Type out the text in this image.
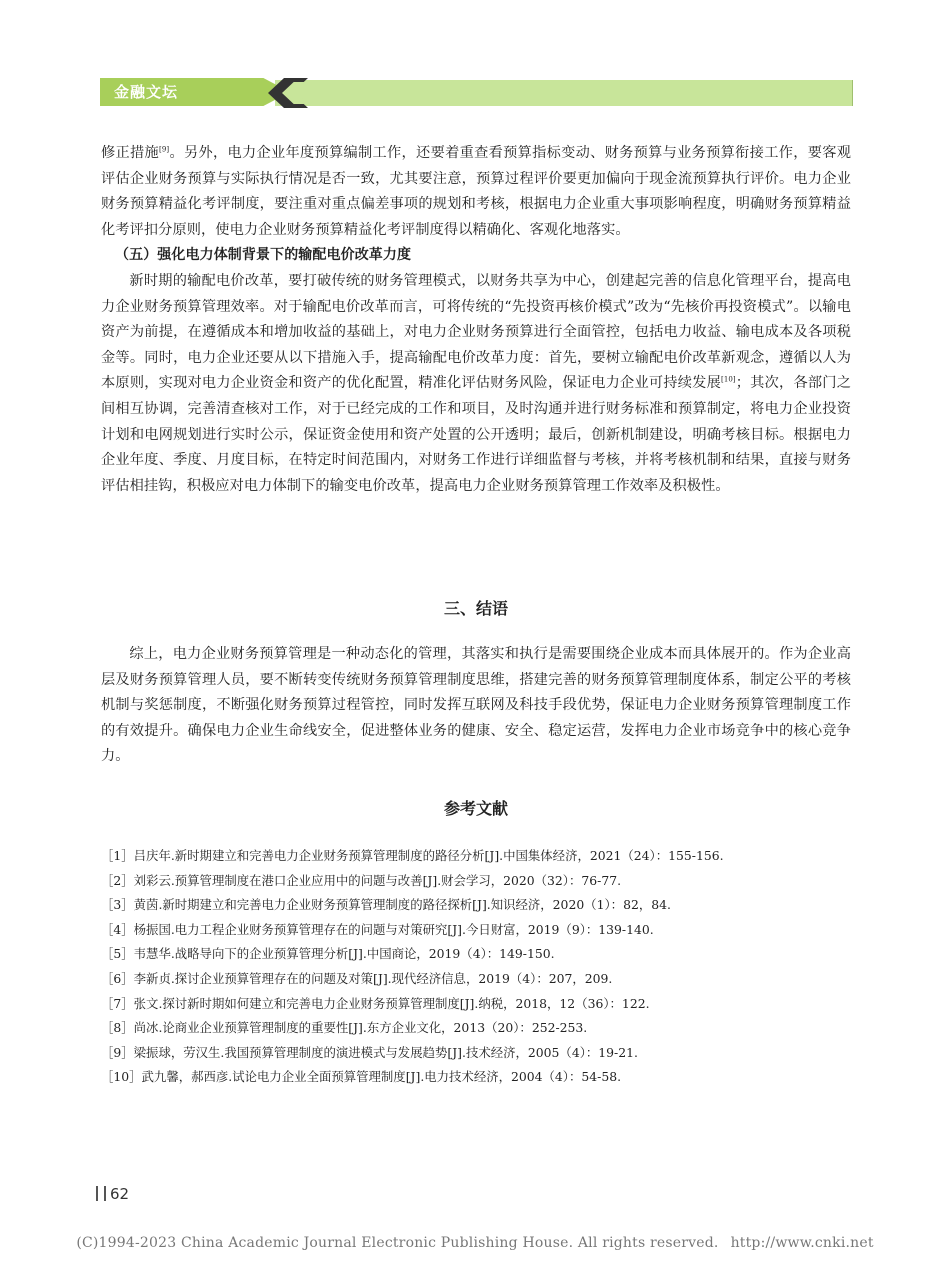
金融文坛

修正措施[9]。另外，电力企业年度预算编制工作，还要着重查看预算指标变动、财务预算与业务预算衔接工作，要客观评估企业财务预算与实际执行情况是否一致，尤其要注意，预算过程评价要更加偏向于现金流预算执行评价。电力企业财务预算精益化考评制度，要注重对重点偏差事项的规划和考核，根据电力企业重大事项影响程度，明确财务预算精益化考评扣分原则，使电力企业财务预算精益化考评制度得以精确化、客观化地落实。

（五）强化电力体制背景下的输配电价改革力度

新时期的输配电价改革，要打破传统的财务管理模式，以财务共享为中心，创建起完善的信息化管理平台，提高电力企业财务预算管理效率。对于输配电价改革而言，可将传统的“先投资再核价模式”改为“先核价再投资模式”。以输电资产为前提，在遵循成本和增加收益的基础上，对电力企业财务预算进行全面管控，包括电力收益、输电成本及各项税金等。同时，电力企业还要从以下措施入手，提高输配电价改革力度：首先，要树立输配电价改革新观念，遵循以人为本原则，实现对电力企业资金和资产的优化配置，精准化评估财务风险，保证电力企业可持续发展[10]；其次，各部门之间相互协调，完善清查核对工作，对于已经完成的工作和项目，及时沟通并进行财务标准和预算制定，将电力企业投资计划和电网规划进行实时公示，保证资金使用和资产处置的公开透明；最后，创新机制建设，明确考核目标。根据电力企业年度、季度、月度目标，在特定时间范围内，对财务工作进行详细监督与考核，并将考核机制和结果，直接与财务评估相挂钩，积极应对电力体制下的输变电价改革，提高电力企业财务预算管理工作效率及积极性。

三、结语

综上，电力企业财务预算管理是一种动态化的管理，其落实和执行是需要围绕企业成本而具体展开的。作为企业高层及财务预算管理人员，要不断转变传统财务预算管理制度思维，搭建完善的财务预算管理制度体系，制定公平的考核机制与奖惩制度，不断强化财务预算过程管控，同时发挥互联网及科技手段优势，保证电力企业财务预算管理制度工作的有效提升。确保电力企业生命线安全，促进整体业务的健康、安全、稳定运营，发挥电力企业市场竞争中的核心竞争力。

参考文献
［1］吕庆年.新时期建立和完善电力企业财务预算管理制度的路径分析[J].中国集体经济，2021（24）：155-156.
［2］刘彩云.预算管理制度在港口企业应用中的问题与改善[J].财会学习，2020（32）：76-77.
［3］黄茵.新时期建立和完善电力企业财务预算管理制度的路径探析[J].知识经济，2020（1）：82，84.
［4］杨振国.电力工程企业财务预算管理存在的问题与对策研究[J].今日财富，2019（9）：139-140.
［5］韦慧华.战略导向下的企业预算管理分析[J].中国商论，2019（4）：149-150.
［6］李新贞.探讨企业预算管理存在的问题及对策[J].现代经济信息，2019（4）：207，209.
［7］张文.探讨新时期如何建立和完善电力企业财务预算管理制度[J].纳税，2018，12（36）：122.
［8］尚冰.论商业企业预算管理制度的重要性[J].东方企业文化，2013（20）：252-253.
［9］梁振球，劳汉生.我国预算管理制度的演进模式与发展趋势[J].技术经济，2005（4）：19-21.
［10］武九馨，郝西彦.试论电力企业全面预算管理制度[J].电力技术经济，2004（4）：54-58.
62
(C)1994-2023 China Academic Journal Electronic Publishing House. All rights reserved. http://www.cnki.net
